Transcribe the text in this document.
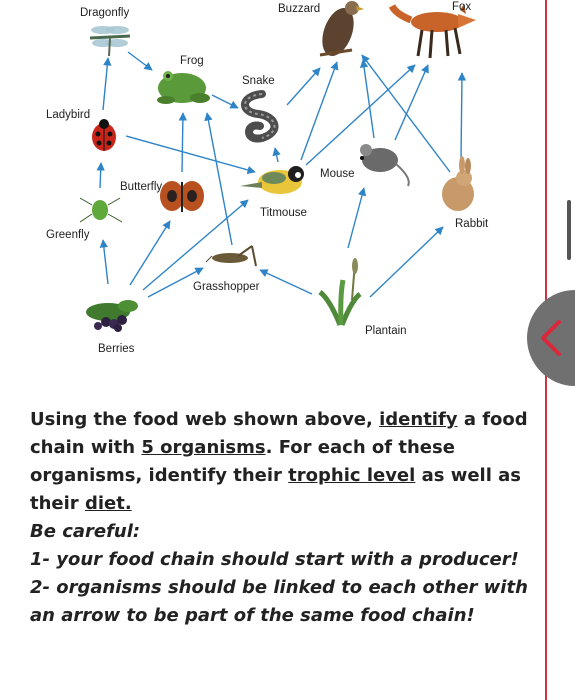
Dragonfly	Buzzard	Fox
Frog
Snake
Ladybird
Mouse
Butterfly
Titmouse
Rabbit
Greenfly
Grasshopper
Plantain
Berries

Using the food web shown above, identify a food chain with 5 organisms. For each of these organisms, identify their trophic level as well as their diet.

Be careful:

1- your food chain should start with a producer!

2- organisms should be linked to each other with an arrow to be part of the same food chain!
